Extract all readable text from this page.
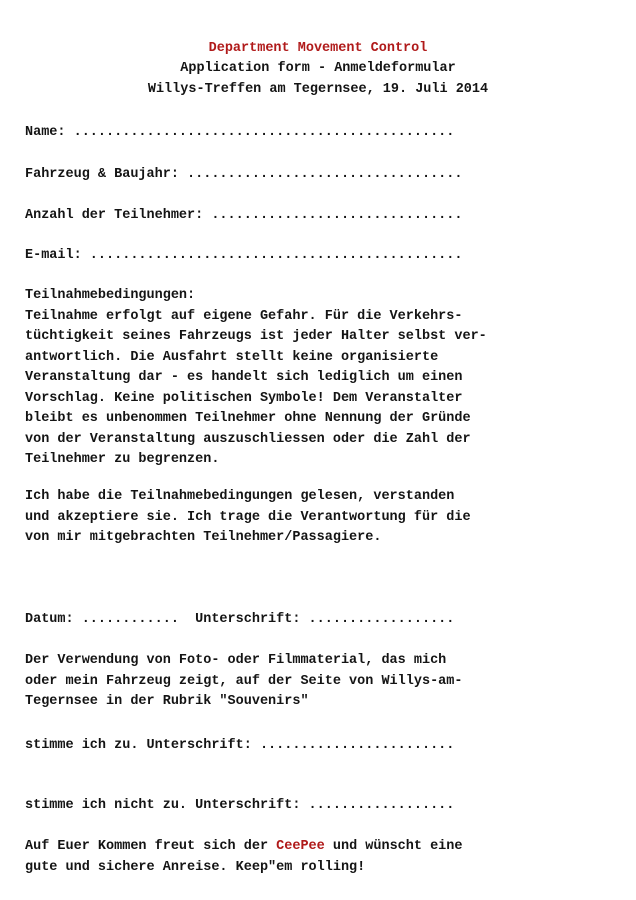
Department Movement Control
Application form - Anmeldeformular
Willys-Treffen am Tegernsee, 19. Juli 2014
Name: ...............................................
Fahrzeug & Baujahr: ..................................
Anzahl der Teilnehmer: ...............................
E-mail: ..............................................
Teilnahmebedingungen:
Teilnahme erfolgt auf eigene Gefahr. Für die Verkehrs-
tüchtigkeit seines Fahrzeugs ist jeder Halter selbst ver-
antwortlich. Die Ausfahrt stellt keine organisierte
Veranstaltung dar - es handelt sich lediglich um einen
Vorschlag. Keine politischen Symbole! Dem Veranstalter
bleibt es unbenommen Teilnehmer ohne Nennung der Gründe
von der Veranstaltung auszuschliessen oder die Zahl der
Teilnehmer zu begrenzen.
Ich habe die Teilnahmebedingungen gelesen, verstanden
und akzeptiere sie. Ich trage die Verantwortung für die
von mir mitgebrachten Teilnehmer/Passagiere.
Datum: ............  Unterschrift: ..................
Der Verwendung von Foto- oder Filmmaterial, das mich
oder mein Fahrzeug zeigt, auf der Seite von Willys-am-
Tegernsee in der Rubrik "Souvenirs"
stimme ich zu. Unterschrift: ........................
stimme ich nicht zu. Unterschrift: ..................
Auf Euer Kommen freut sich der CeePee und wünscht eine
gute und sichere Anreise. Keep"em rolling!
